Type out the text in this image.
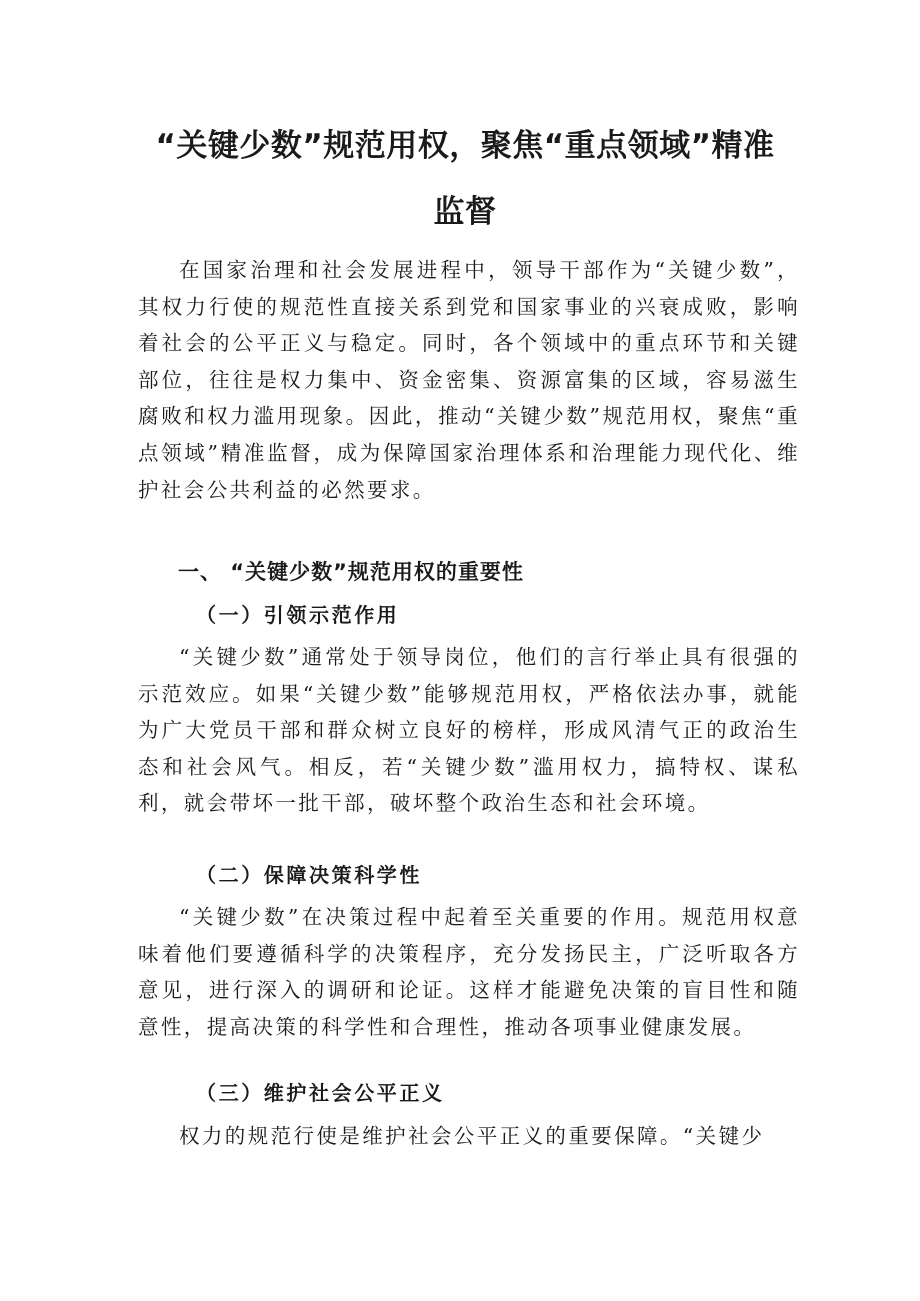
“关键少数”规范用权，聚焦“重点领域”精准
监督

在国家治理和社会发展进程中，领导干部作为“关键少数”，其权力行使的规范性直接关系到党和国家事业的兴衰成败，影响着社会的公平正义与稳定。同时，各个领域中的重点环节和关键部位，往往是权力集中、资金密集、资源富集的区域，容易滋生腐败和权力滥用现象。因此，推动“关键少数”规范用权，聚焦“重点领域”精准监督，成为保障国家治理体系和治理能力现代化、维护社会公共利益的必然要求。

一、 “关键少数”规范用权的重要性
（一）引领示范作用

“关键少数”通常处于领导岗位，他们的言行举止具有很强的示范效应。如果“关键少数”能够规范用权，严格依法办事，就能为广大党员干部和群众树立良好的榜样，形成风清气正的政治生态和社会风气。相反，若“关键少数”滥用权力，搞特权、谋私利，就会带坏一批干部，破坏整个政治生态和社会环境。

（二）保障决策科学性

“关键少数”在决策过程中起着至关重要的作用。规范用权意味着他们要遵循科学的决策程序，充分发扬民主，广泛听取各方意见，进行深入的调研和论证。这样才能避免决策的盲目性和随意性，提高决策的科学性和合理性，推动各项事业健康发展。

（三）维护社会公平正义

权力的规范行使是维护社会公平正义的重要保障。“关键少
